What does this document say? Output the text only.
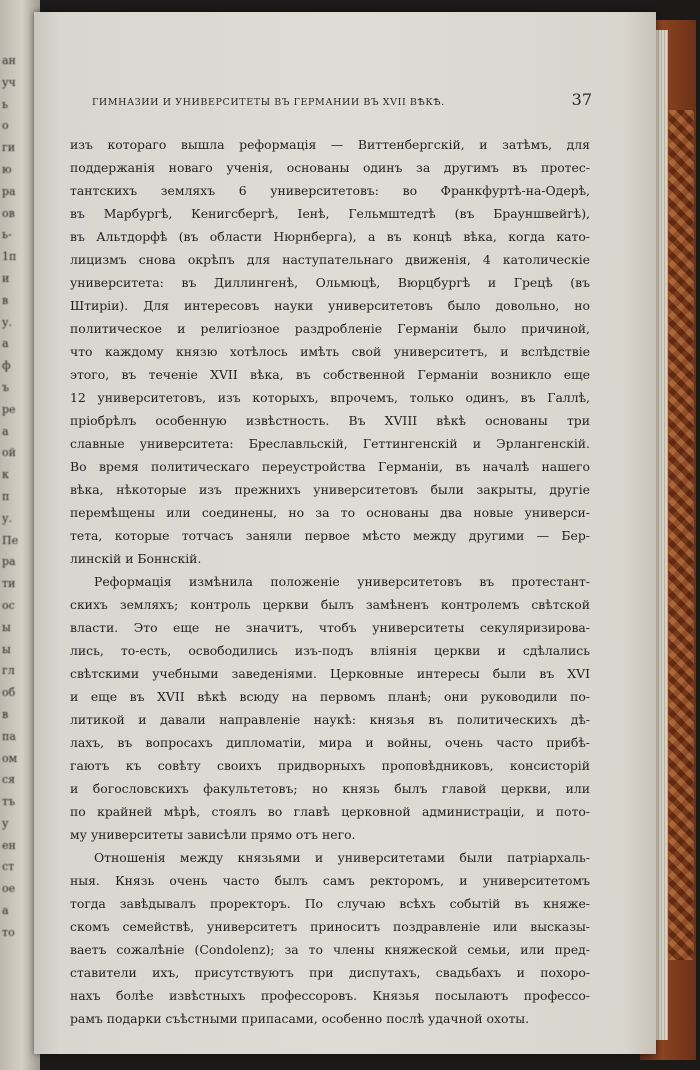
ан
уч
ь
о
ги
ю
ра
ов
ь-
1п
и
в
у.
а
ф
ъ
ре
а
ой
к
п
у.
Пе
ра
ти
ос
ы
ы
гл
об
в
па
ом
ся
тъ
у
ен
ст
ое
а
то
ГИМНАЗИИ И УНИВЕРСИТЕТЫ ВЪ ГЕРМАНИИ ВЪ XVII ВѢКѢ.	37
изъ котораго вышла реформація — Виттенбергскій, и затѣмъ, для
поддержанія новаго ученія, основаны одинъ за другимъ въ протес-
тантскихъ земляхъ 6 университетовъ: во Франкфуртѣ-на-Одерѣ,
въ Марбургѣ, Кенигсбергѣ, Іенѣ, Гельмштедтѣ (въ Брауншвейгѣ),
въ Альтдорфѣ (въ области Нюрнберга), а въ концѣ вѣка, когда като-
лицизмъ снова окрѣпъ для наступательнаго движенія, 4 католическіе
университета: въ Диллингенѣ, Ольмюцѣ, Вюрцбургѣ и Грецѣ (въ
Штиріи). Для интересовъ науки университетовъ было довольно, но
политическое и религіозное раздробленіе Германіи было причиной,
что каждому князю хотѣлось имѣть свой университетъ, и вслѣдствіе
этого, въ теченіе XVII вѣка, въ собственной Германіи возникло еще
12 университетовъ, изъ которыхъ, впрочемъ, только одинъ, въ Галлѣ,
пріобрѣлъ особенную извѣстность. Въ XVIII вѣкѣ основаны три
славные университета: Бреславльскій, Геттингенскій и Эрлангенскій.
Во время политическаго переустройства Германіи, въ началѣ нашего
вѣка, нѣкоторые изъ прежнихъ университетовъ были закрыты, другіе
перемѣщены или соединены, но за то основаны два новые универси-
тета, которые тотчасъ заняли первое мѣсто между другими — Бер-
линскій и Боннскій.
Реформація измѣнила положеніе университетовъ въ протестант-
скихъ земляхъ; контроль церкви былъ замѣненъ контролемъ свѣтской
власти. Это еще не значитъ, чтобъ университеты секуляризирова-
лись, то-есть, освободились изъ-подъ вліянія церкви и сдѣлались
свѣтскими учебными заведеніями. Церковные интересы были въ XVI
и еще въ XVII вѣкѣ всюду на первомъ планѣ; они руководили по-
литикой и давали направленіе наукѣ: князья въ политическихъ дѣ-
лахъ, въ вопросахъ дипломатіи, мира и войны, очень часто прибѣ-
гаютъ къ совѣту своихъ придворныхъ проповѣдниковъ, консисторій
и богословскихъ факультетовъ; но князь былъ главой церкви, или
по крайней мѣрѣ, стоялъ во главѣ церковной администраціи, и пото-
му университеты зависѣли прямо отъ него.
Отношенія между князьями и университетами были патріархаль-
ныя. Князь очень часто былъ самъ ректоромъ, и университетомъ
тогда завѣдывалъ проректоръ. По случаю всѣхъ событій въ княже-
скомъ семействѣ, университетъ приноситъ поздравленіе или высказы-
ваетъ сожалѣніе (Condolenz); за то члены княжеской семьи, или пред-
ставители ихъ, присутствуютъ при диспутахъ, свадьбахъ и похоро-
нахъ болѣе извѣстныхъ профессоровъ. Князья посылаютъ профессо-
рамъ подарки съѣстными припасами, особенно послѣ удачной охоты.
